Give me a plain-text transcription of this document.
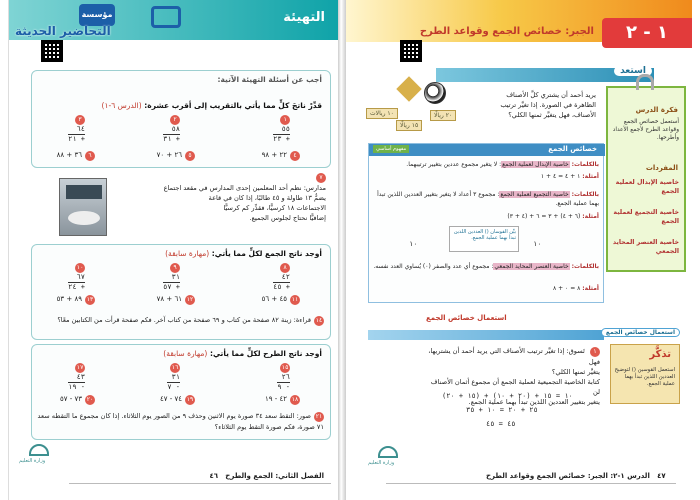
التهيئة
مؤسسة
التحاضير الحديثة
أجب عن أسئلة التهيئة الآتية:
قدِّرْ ناتجَ كلٍّ مما يأتي بالتقريب إلى أقرب عشرة: (الدرس ٦-١)
١
٥٥
٢٣ +
٢
٥٨
٣١ +
٣
٦٤
٢١ +
٤٢٢ + ٩٨
٥٢٦ + ٧٠
٦٣٦ + ٨٨
٧
مدارس: نظم أحد المعلمين إحدى المدارس في مقعد اجتماع
يضمُّ ١٣ طاولة و ٤٥ طالبًا، إذا كان في قاعة
الاجتماعات ١٨ كرسيًّا، فقدِّر كم كرسيًّا
إضافيًّا نحتاج لجلوس الجميع.
أوجد ناتج الجمع لكلٍّ مما يأتي: (مهارة سابقة)
٨
٤٢
٤٥ +
٩
٣١
٥٧ +
١٠
٦٧
٢٤ +
١١٤٥ + ٥٦
١٢٦١ + ٧٨
١٣٨٩ + ٥٣
١٤قراءة: زينة ٨٢ صفحة من كتاب و ٦٩ صفحة من كتاب آخر. فكم صفحة قرأت من الكتابين معًا؟
أوجد ناتج الطرح لكلٍّ مما يأتي: (مهارة سابقة)
١٥
٢٦
٩ -
١٦
٣١
٧ -
١٧
٤٣
١٩ -
١٨٤٢ - ١٩
١٩٧٤ - ٤٧
٢٠٧٣ - ٥٧
٢١صور: التقط سعد ٣٤ صورة يوم الاثنين وحذف ٩ من الصور يوم الثلاثاء. إذا كان مجموع ما التقطه سعد
٧١ صورة، فكم صورة التقط يوم الثلاثاء؟
وزارة التعليم
الفصل الثاني: الجمع والطرح   ٤٦
١ - ٢
الجبر: خصائص الجمع وقواعد الطرح
استعد
يريد أحمد أن يشتري كلَّ الأصناف
الظاهرة في الصورة. إذا تغيَّر ترتيب
الأصناف، فهل يتغيَّر ثمنها الكلي؟
١٠ ريالات
١٥ ريالًا
٢٠ ريالًا
فكرة الدرس
أستعمل خصائص الجمع وقواعد الطرح لأجمع الأعداد وأطرحها.
المفردات
خاصية الإبدال لعملية الجمع
خاصية التجميع لعملية الجمع
خاصية العنصر المحايد الجمعي
خصائص الجمع
مفهوم أساسي
بالكلمات: خاصية الإبدال لعملية الجمع: لا يتغير مجموع عددين بتغيير ترتيبهما.
أمثلة: ١ + ٤ = ٤ + ١
بالكلمات: خاصية التجميع لعملية الجمع: مجموع ٣ أعداد لا يتغير بتغيير العددين اللذين تبدأ بهما عملية الجمع.
أمثلة: (٦ + ٤) + ٣ = ٦ + (٤ + ٣)
بيِّن القوسان () العددين اللذين تبدأ بهما عملية الجمع.
١٠
١٠
بالكلمات: خاصية العنصر المحايد الجمعي: مجموع أي عدد والصفر (٠) يُساوي العدد نفسه.
أمثلة: ٨ = ٠ + ٨
استعمال خصائص الجمع
استعمال خصائص الجمع
تذكَّر
استعمل القوسين () لتوضيح العددين اللذين تبدأ بهما عملية الجمع.
١ تَسوق: إذا تغيَّر ترتيب الأصناف التي يريد أحمد أن يشتريها، فهل
يتغيَّر ثمنها الكلي؟
كتابة الخاصية التجميعية لعملية الجمع أن مجموع أثمان الأصناف لن
يتغير بتغيير العددين اللذين تبدأ بهما عملية الجمع.
(١٥ + ٢٠) + ١٠ = ١٥ + (٢٠ + ١٠)
٢٥ + ٢٠ = ١٠ + ٣٥
٤٥ = ٤٥
وزارة التعليم
٤٧   الدرس ١-٢: الجبر: خصائص الجمع وقواعد الطرح
